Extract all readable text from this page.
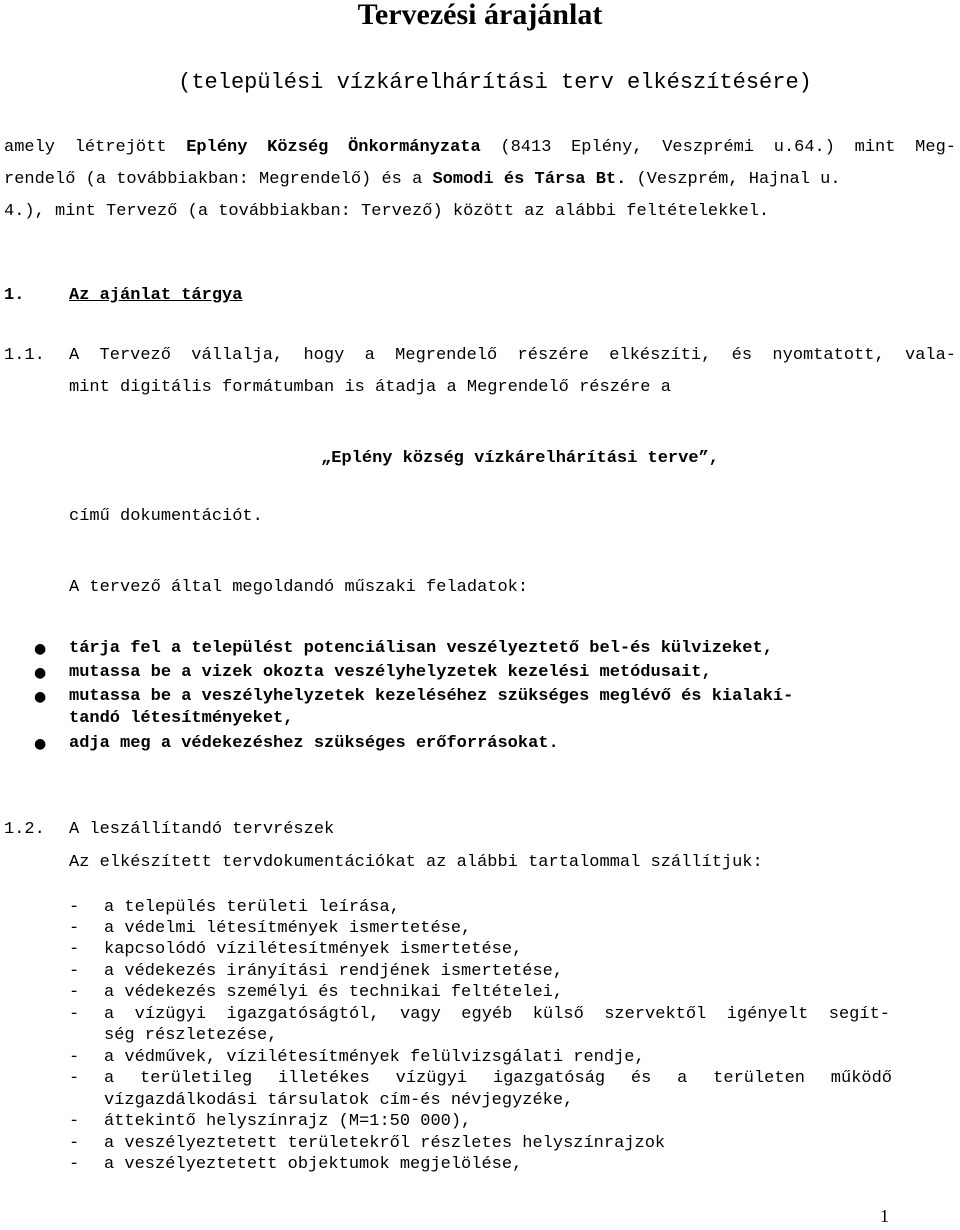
Tervezési árajánlat
(települési vízkárelhárítási terv elkészítésére)
amely létrejött Eplény Község Önkormányzata (8413 Eplény, Veszprémi u.64.) mint Meg-
rendelő (a továbbiakban: Megrendelő) és a Somodi és Társa Bt. (Veszprém, Hajnal u.
4.), mint Tervező (a továbbiakban: Tervező) között az alábbi feltételekkel.
1.	Az ajánlat tárgya
1.1. A Tervező vállalja, hogy a Megrendelő részére elkészíti, és nyomtatott, vala-
mint digitális formátumban is átadja a Megrendelő részére a
„Eplény község vízkárelhárítási terve”,
című dokumentációt.
A tervező által megoldandó műszaki feladatok:
● tárja fel a települést potenciálisan veszélyeztető bel-és külvizeket,
● mutassa be a vizek okozta veszélyhelyzetek kezelési metódusait,
● mutassa be a veszélyhelyzetek kezeléséhez szükséges meglévő és kialakí-
tandó létesítményeket,
● adja meg a védekezéshez szükséges erőforrásokat.
1.2. A leszállítandó tervrészek
Az elkészített tervdokumentációkat az alábbi tartalommal szállítjuk:
- a település területi leírása,
- a védelmi létesítmények ismertetése,
- kapcsolódó vízilétesítmények ismertetése,
- a védekezés irányítási rendjének ismertetése,
- a védekezés személyi és technikai feltételei,
- a vízügyi igazgatóságtól, vagy egyéb külső szervektől igényelt segít-
ség részletezése,
- a védművek, vízilétesítmények felülvizsgálati rendje,
- a területileg illetékes vízügyi igazgatóság és a területen működő
vízgazdálkodási társulatok cím-és névjegyzéke,
- áttekintő helyszínrajz (M=1:50 000),
- a veszélyeztetett területekről részletes helyszínrajzok
- a veszélyeztetett objektumok megjelölése,
1
